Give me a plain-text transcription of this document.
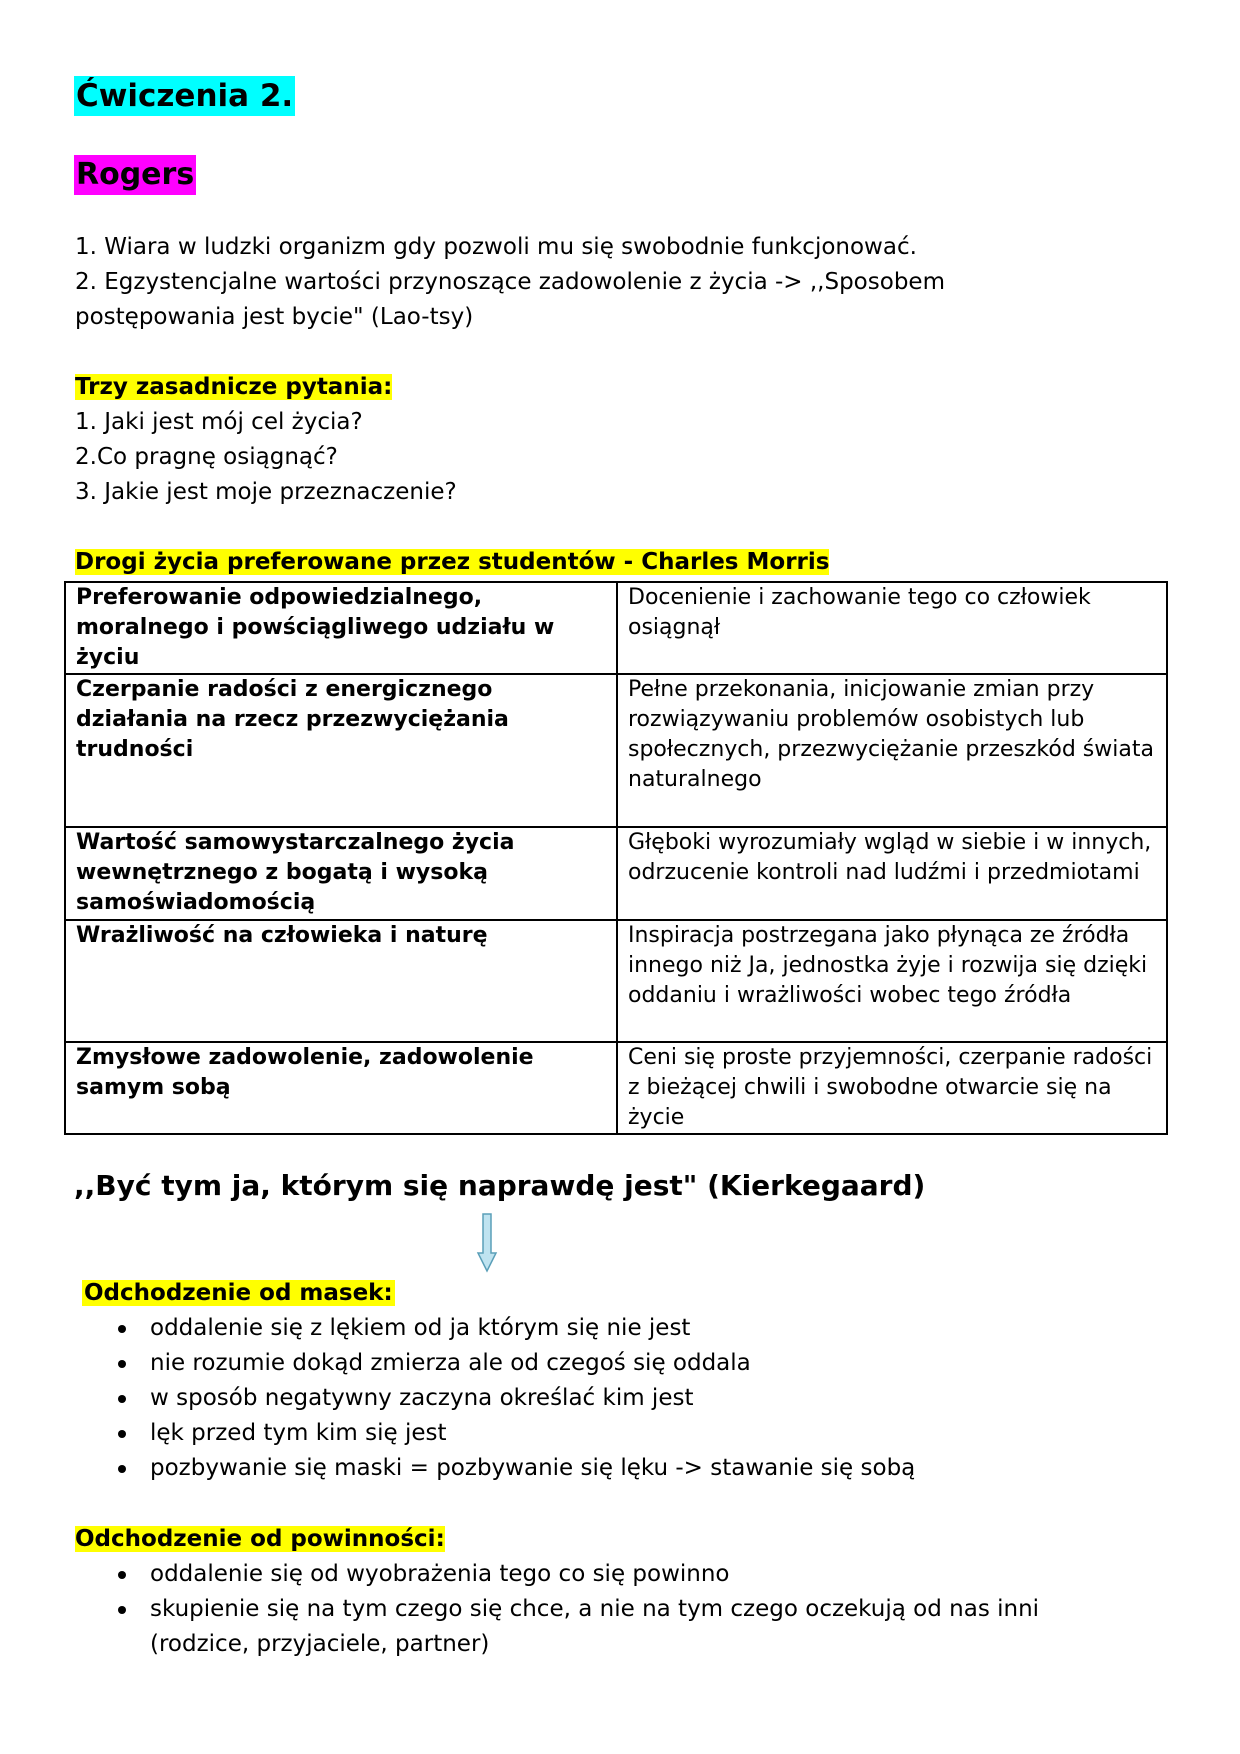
Ćwiczenia 2.
Rogers
1. Wiara w ludzki organizm gdy pozwoli mu się swobodnie funkcjonować.
2. Egzystencjalne wartości przynoszące zadowolenie z życia -> ,,Sposobem
postępowania jest bycie" (Lao-tsy)
Trzy zasadnicze pytania:
1. Jaki jest mój cel życia?
2.Co pragnę osiągnąć?
3. Jakie jest moje przeznaczenie?
Drogi życia preferowane przez studentów - Charles Morris
Preferowanie odpowiedzialnego, moralnego i powściągliwego udziału w życiu	Docenienie i zachowanie tego co człowiek osiągnął
Czerpanie radości z energicznego działania na rzecz przezwyciężania trudności	Pełne przekonania, inicjowanie zmian przy rozwiązywaniu problemów osobistych lub społecznych, przezwyciężanie przeszkód świata naturalnego
Wartość samowystarczalnego życia wewnętrznego z bogatą i wysoką samoświadomością	Głęboki wyrozumiały wgląd w siebie i w innych, odrzucenie kontroli nad ludźmi i przedmiotami
Wrażliwość na człowieka i naturę	Inspiracja postrzegana jako płynąca ze źródła innego niż Ja, jednostka żyje i rozwija się dzięki oddaniu i wrażliwości wobec tego źródła
Zmysłowe zadowolenie, zadowolenie samym sobą	Ceni się proste przyjemności, czerpanie radości z bieżącej chwili i swobodne otwarcie się na życie
,,Być tym ja, którym się naprawdę jest" (Kierkegaard)
Odchodzenie od masek:
oddalenie się z lękiem od ja którym się nie jest
nie rozumie dokąd zmierza ale od czegoś się oddala
w sposób negatywny zaczyna określać kim jest
lęk przed tym kim się jest
pozbywanie się maski = pozbywanie się lęku -> stawanie się sobą
Odchodzenie od powinności:
oddalenie się od wyobrażenia tego co się powinno
skupienie się na tym czego się chce, a nie na tym czego oczekują od nas inni
(rodzice, przyjaciele, partner)
